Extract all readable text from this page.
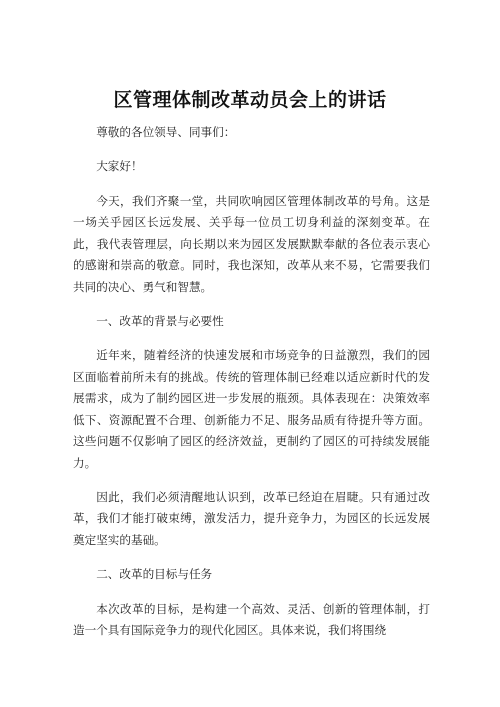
区管理体制改革动员会上的讲话

尊敬的各位领导、同事们：

大家好！

今天，我们齐聚一堂，共同吹响园区管理体制改革的号角。这是一场关乎园区长远发展、关乎每一位员工切身利益的深刻变革。在此，我代表管理层，向长期以来为园区发展默默奉献的各位表示衷心的感谢和崇高的敬意。同时，我也深知，改革从来不易，它需要我们共同的决心、勇气和智慧。

一、改革的背景与必要性

近年来，随着经济的快速发展和市场竞争的日益激烈，我们的园区面临着前所未有的挑战。传统的管理体制已经难以适应新时代的发展需求，成为了制约园区进一步发展的瓶颈。具体表现在：决策效率低下、资源配置不合理、创新能力不足、服务品质有待提升等方面。这些问题不仅影响了园区的经济效益，更制约了园区的可持续发展能力。

因此，我们必须清醒地认识到，改革已经迫在眉睫。只有通过改革，我们才能打破束缚，激发活力，提升竞争力，为园区的长远发展奠定坚实的基础。

二、改革的目标与任务

本次改革的目标，是构建一个高效、灵活、创新的管理体制，打造一个具有国际竞争力的现代化园区。具体来说，我们将围绕
